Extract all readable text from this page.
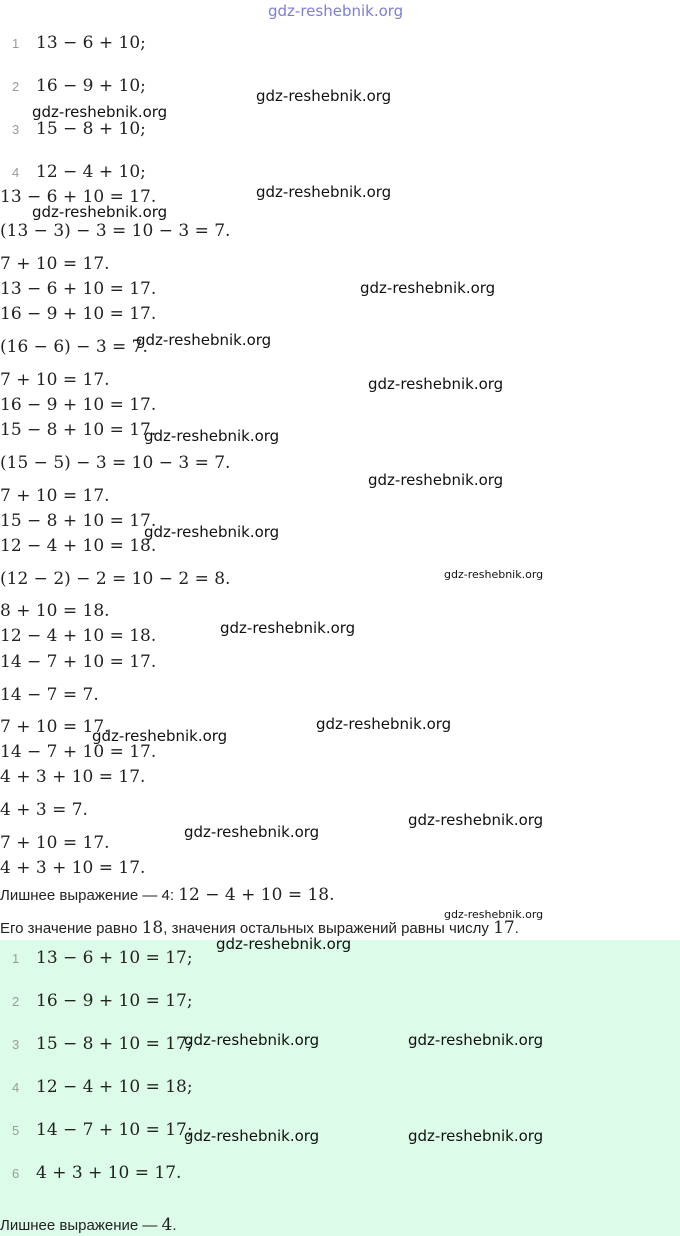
gdz-reshebnik.org
1 13 − 6 + 10;
2 16 − 9 + 10;
3 15 − 8 + 10;
4 12 − 4 + 10;
13 − 6 + 10 = 17.
(13 − 3) − 3 = 10 − 3 = 7.
7 + 10 = 17.
13 − 6 + 10 = 17.
16 − 9 + 10 = 17.
(16 − 6) − 3 = 7.
7 + 10 = 17.
16 − 9 + 10 = 17.
15 − 8 + 10 = 17.
(15 − 5) − 3 = 10 − 3 = 7.
7 + 10 = 17.
15 − 8 + 10 = 17.
12 − 4 + 10 = 18.
(12 − 2) − 2 = 10 − 2 = 8.
8 + 10 = 18.
12 − 4 + 10 = 18.
14 − 7 + 10 = 17.
14 − 7 = 7.
7 + 10 = 17.
14 − 7 + 10 = 17.
4 + 3 + 10 = 17.
4 + 3 = 7.
7 + 10 = 17.
4 + 3 + 10 = 17.
Лишнее выражение — 4: 12 − 4 + 10 = 18.
Его значение равно 18, значения остальных выражений равны числу 17.
1 13 − 6 + 10 = 17;
2 16 − 9 + 10 = 17;
3 15 − 8 + 10 = 17;
4 12 − 4 + 10 = 18;
5 14 − 7 + 10 = 17;
6 4 + 3 + 10 = 17.
Лишнее выражение — 4.
gdz-reshebnik.org
gdz-reshebnik.org
gdz-reshebnik.org
gdz-reshebnik.org
gdz-reshebnik.org
gdz-reshebnik.org
gdz-reshebnik.org
gdz-reshebnik.org
gdz-reshebnik.org
gdz-reshebnik.org
gdz-reshebnik.org
gdz-reshebnik.org
gdz-reshebnik.org
gdz-reshebnik.org
gdz-reshebnik.org
gdz-reshebnik.org
gdz-reshebnik.org
gdz-reshebnik.org
gdz-reshebnik.org	gdz-reshebnik.org
gdz-reshebnik.org	gdz-reshebnik.org
